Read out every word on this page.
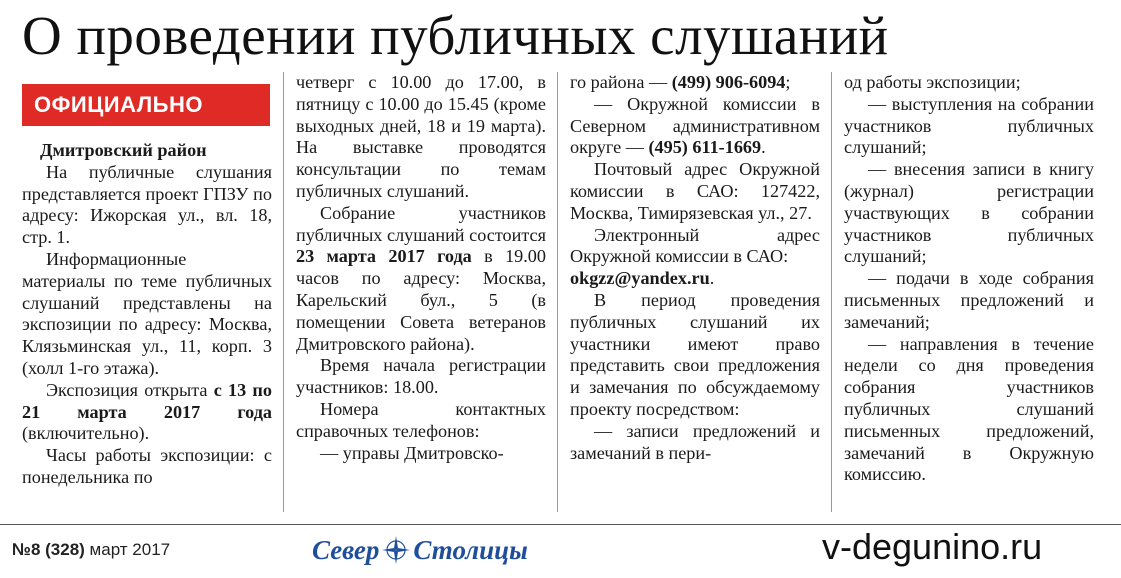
О проведении публичных слушаний
ОФИЦИАЛЬНО

Дмитровский район

На публичные слушания представляется проект ГПЗУ по адресу: Ижорская ул., вл. 18, стр. 1.

Информационные материалы по теме публичных слушаний представлены на экспозиции по адресу: Москва, Клязьминская ул., 11, корп. 3 (холл 1-го этажа).

Экспозиция открыта с 13 по 21 марта 2017 года (включительно).

Часы работы экспозиции: с понедельника по

четверг с 10.00 до 17.00, в пятницу с 10.00 до 15.45 (кроме выходных дней, 18 и 19 марта). На выставке проводятся консультации по темам публичных слушаний.

Собрание участников публичных слушаний состоится 23 марта 2017 года в 19.00 часов по адресу: Москва, Карельский бул., 5 (в помещении Совета ветеранов Дмитровского района).

Время начала регистрации участников: 18.00.

Номера контактных справочных телефонов:

— управы Дмитровско-

го района — (499) 906-6094;

— Окружной комиссии в Северном административном округе — (495) 611-1669.

Почтовый адрес Окружной комиссии в САО: 127422, Москва, Тимирязевская ул., 27.

Электронный адрес Окружной комиссии в САО:

okgzz@yandex.ru.

В период проведения публичных слушаний их участники имеют право представить свои предложения и замечания по обсуждаемому проекту посредством:

— записи предложений и замечаний в пери-

од работы экспозиции;

— выступления на собрании участников публичных слушаний;

— внесения записи в книгу (журнал) регистрации участвующих в собрании участников публичных слушаний;

— подачи в ходе собрания письменных предложений и замечаний;

— направления в течение недели со дня проведения собрания участников публичных слушаний письменных предложений, замечаний в Окружную комиссию.

№8 (328) март 2017	Север Столицы	v-degunino.ru
